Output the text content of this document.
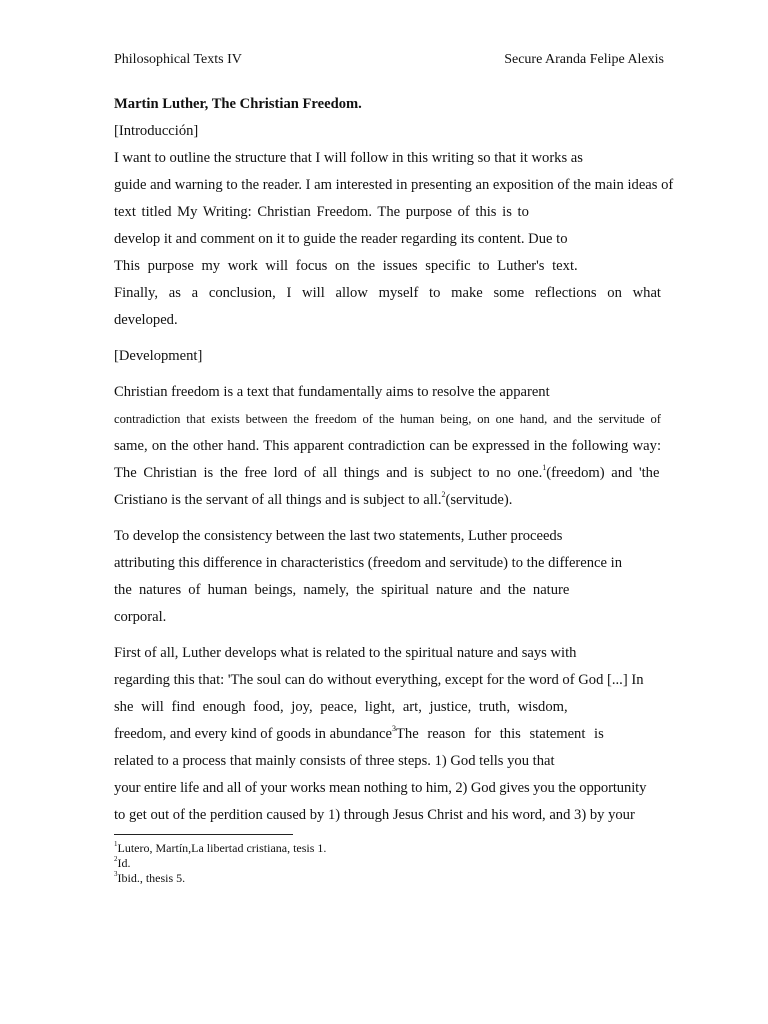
Philosophical Texts IV	Secure Aranda Felipe Alexis
Martin Luther, The Christian Freedom.
[Introducción]
I want to outline the structure that I will follow in this writing so that it works as
guide and warning to the reader. I am interested in presenting an exposition of the main ideas of
text titled My Writing: Christian Freedom. The purpose of this is to
develop it and comment on it to guide the reader regarding its content. Due to
This purpose my work will focus on the issues specific to Luther's text.
Finally, as a conclusion, I will allow myself to make some reflections on what
developed.
[Development]
Christian freedom is a text that fundamentally aims to resolve the apparent
contradiction that exists between the freedom of the human being, on one hand, and the servitude of
same, on the other hand. This apparent contradiction can be expressed in the following way:
The Christian is the free lord of all things and is subject to no one.$^1$(freedom) and 'the
Cristiano is the servant of all things and is subject to all.$^2$(servitude).
To develop the consistency between the last two statements, Luther proceeds
attributing this difference in characteristics (freedom and servitude) to the difference in
the natures of human beings, namely, the spiritual nature and the nature
corporal.
First of all, Luther develops what is related to the spiritual nature and says with
regarding this that: 'The soul can do without everything, except for the word of God [...] In
she will find enough food, joy, peace, light, art, justice, truth, wisdom,
freedom, and every kind of goods in abundance$^3$The reason for this statement is
related to a process that mainly consists of three steps. 1) God tells you that
your entire life and all of your works mean nothing to him, 2) God gives you the opportunity
to get out of the perdition caused by 1) through Jesus Christ and his word, and 3) by your
$^1$Lutero, Martín,La libertad cristiana, tesis 1.
$^2$Id.
$^3$Ibid., thesis 5.
